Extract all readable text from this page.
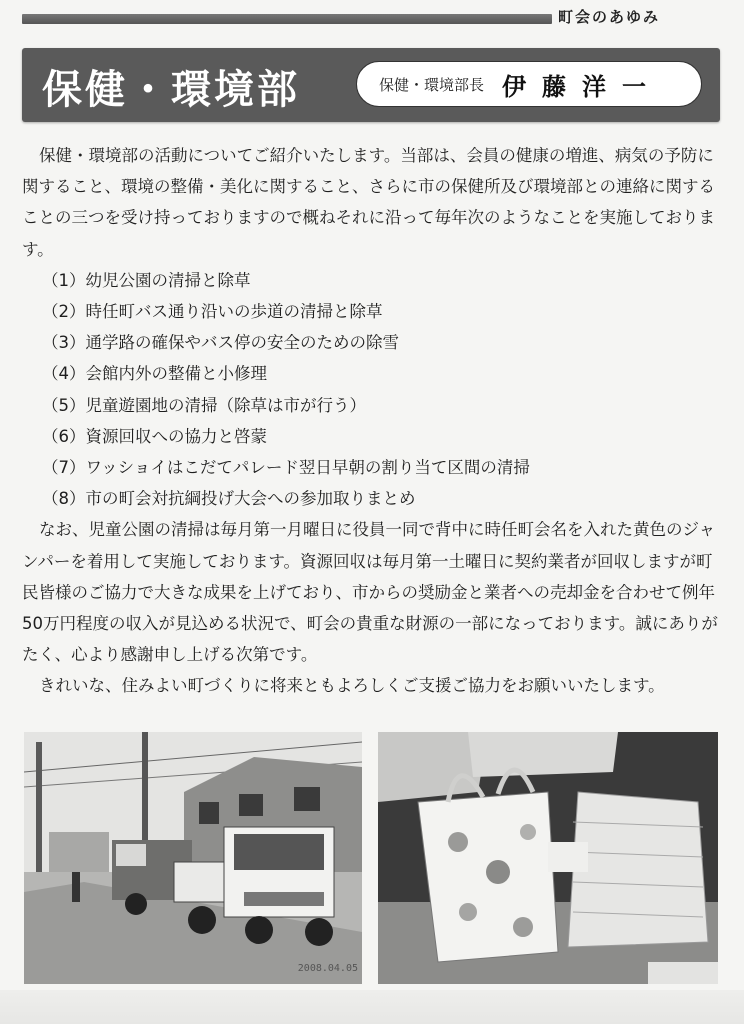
町会のあゆみ
保健・環境部	保健・環境部長 伊藤洋一

保健・環境部の活動についてご紹介いたします。当部は、会員の健康の増進、病気の予防に関すること、環境の整備・美化に関すること、さらに市の保健所及び環境部との連絡に関することの三つを受け持っておりますので概ねそれに沿って毎年次のようなことを実施しております。

（1）幼児公園の清掃と除草
（2）時任町バス通り沿いの歩道の清掃と除草
（3）通学路の確保やバス停の安全のための除雪
（4）会館内外の整備と小修理
（5）児童遊園地の清掃（除草は市が行う）
（6）資源回収への協力と啓蒙
（7）ワッショイはこだてパレード翌日早朝の割り当て区間の清掃
（8）市の町会対抗綱投げ大会への参加取りまとめ

なお、児童公園の清掃は毎月第一月曜日に役員一同で背中に時任町会名を入れた黄色のジャンパーを着用して実施しております。資源回収は毎月第一土曜日に契約業者が回収しますが町民皆様のご協力で大きな成果を上げており、市からの奨励金と業者への売却金を合わせて例年50万円程度の収入が見込める状況で、町会の貴重な財源の一部になっております。誠にありがたく、心より感謝申し上げる次第です。

きれいな、住みよい町づくりに将来ともよろしくご支援ご協力をお願いいたします。

2008.04.05
